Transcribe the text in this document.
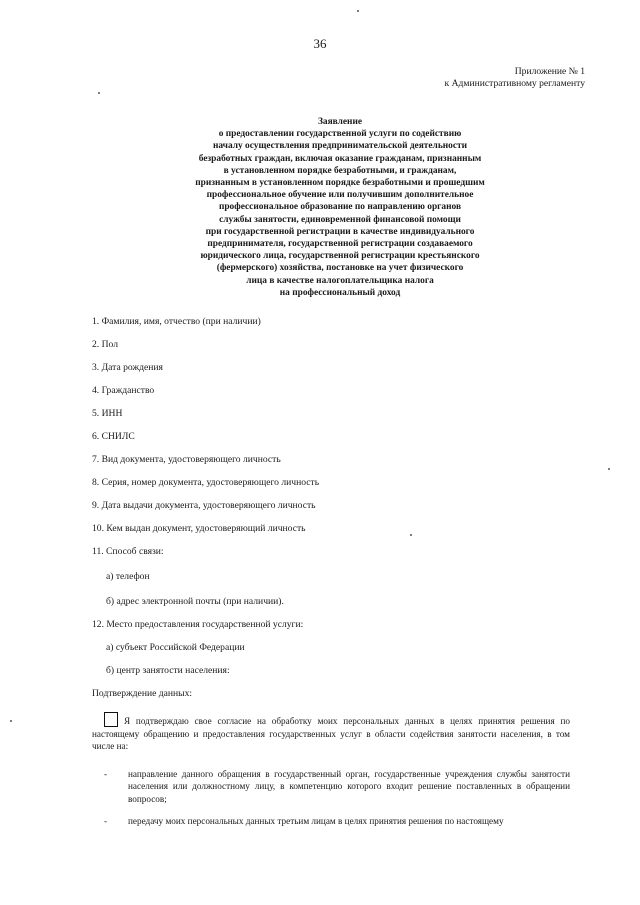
36
Приложение № 1
к Административному регламенту
Заявление
о предоставлении государственной услуги по содействию
началу осуществления предпринимательской деятельности
безработных граждан, включая оказание гражданам, признанным
в установленном порядке безработными, и гражданам,
признанным в установленном порядке безработными и прошедшим
профессиональное обучение или получившим дополнительное
профессиональное образование по направлению органов
службы занятости, единовременной финансовой помощи
при государственной регистрации в качестве индивидуального
предпринимателя, государственной регистрации создаваемого
юридического лица, государственной регистрации крестьянского
(фермерского) хозяйства, постановке на учет физического
лица в качестве налогоплательщика налога
на профессиональный доход
1. Фамилия, имя, отчество (при наличии)
2. Пол
3. Дата рождения
4. Гражданство
5. ИНН
6. СНИЛС
7. Вид документа, удостоверяющего личность
8. Серия, номер документа, удостоверяющего личность
9. Дата выдачи документа, удостоверяющего личность
10. Кем выдан документ, удостоверяющий личность
11. Способ связи:
а) телефон
б) адрес электронной почты (при наличии).
12. Место предоставления государственной услуги:
а) субъект Российской Федерации
б) центр занятости населения:
Подтверждение данных:
Я подтверждаю свое согласие на обработку моих персональных данных в целях принятия решения по настоящему обращению и предоставления государственных услуг в области содействия занятости населения, в том числе на:
- направление данного обращения в государственный орган, государственные учреждения службы занятости населения или должностному лицу, в компетенцию которого входит решение поставленных в обращении вопросов;
- передачу моих персональных данных третьим лицам в целях принятия решения по настоящему
